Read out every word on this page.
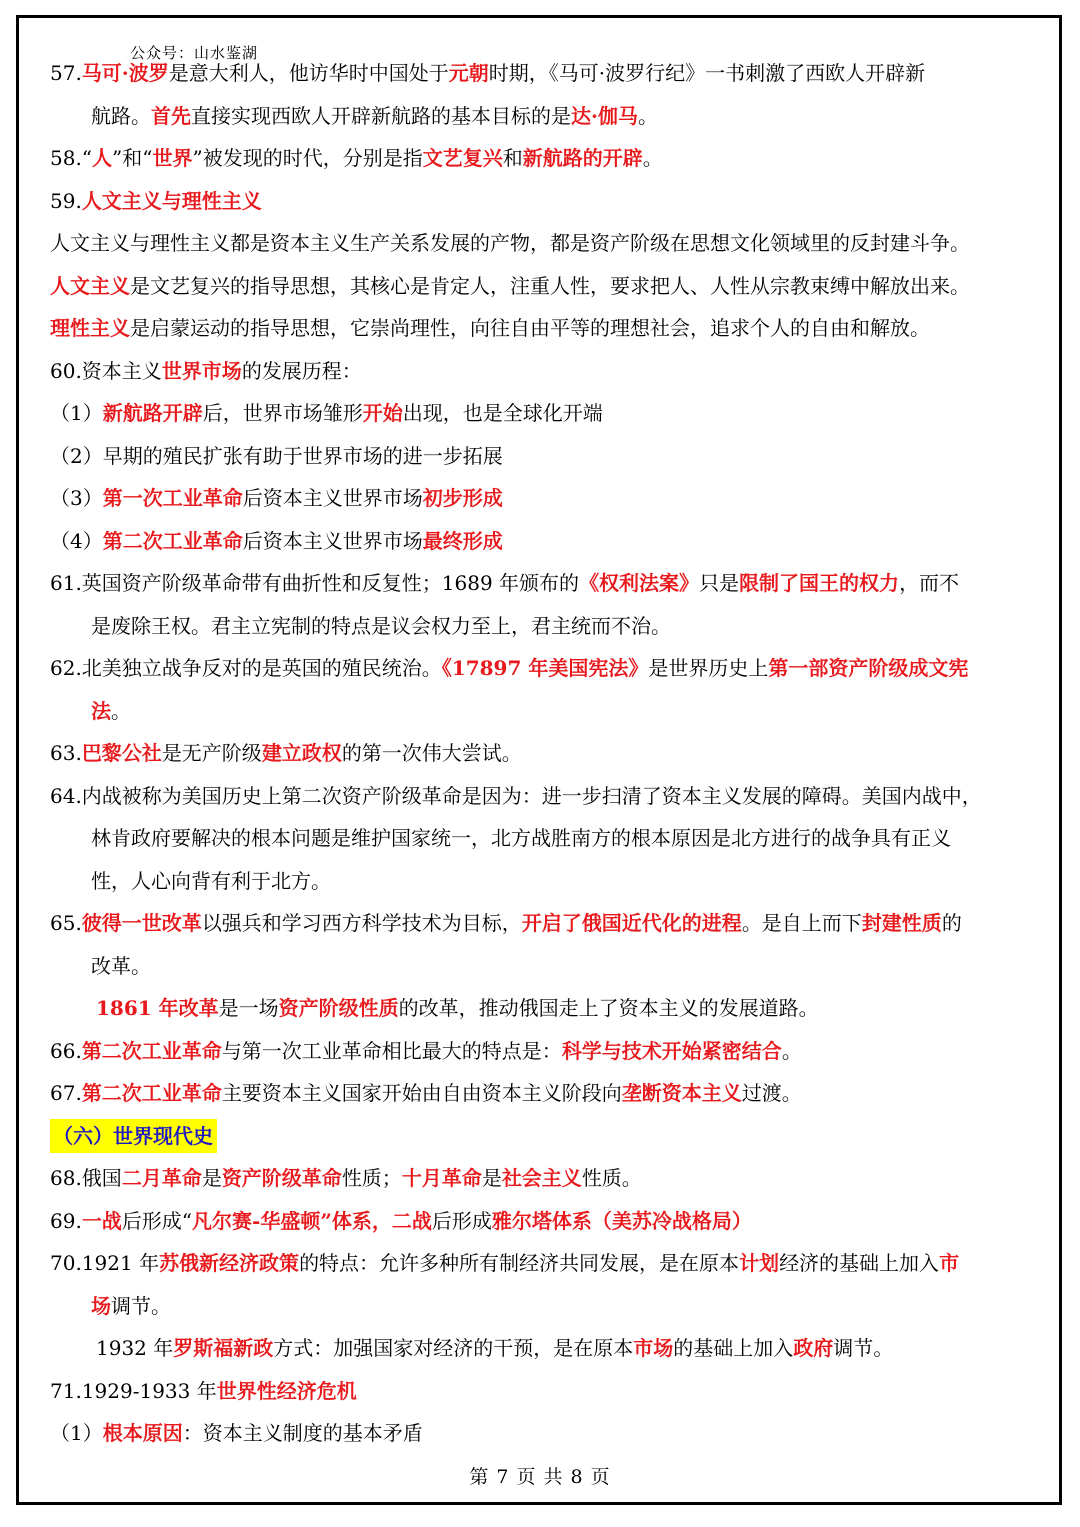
公众号：山水鉴湖
57.马可·波罗是意大利人，他访华时中国处于元朝时期，《马可·波罗行纪》一书刺激了西欧人开辟新
航路。首先直接实现西欧人开辟新航路的基本目标的是达·伽马。
58.“人”和“世界”被发现的时代，分别是指文艺复兴和新航路的开辟。
59.人文主义与理性主义
人文主义与理性主义都是资本主义生产关系发展的产物，都是资产阶级在思想文化领域里的反封建斗争。
人文主义是文艺复兴的指导思想，其核心是肯定人，注重人性，要求把人、人性从宗教束缚中解放出来。
理性主义是启蒙运动的指导思想，它崇尚理性，向往自由平等的理想社会，追求个人的自由和解放。
60.资本主义世界市场的发展历程：
（1）新航路开辟后，世界市场雏形开始出现，也是全球化开端
（2）早期的殖民扩张有助于世界市场的进一步拓展
（3）第一次工业革命后资本主义世界市场初步形成
（4）第二次工业革命后资本主义世界市场最终形成
61.英国资产阶级革命带有曲折性和反复性；1689 年颁布的《权利法案》只是限制了国王的权力，而不
是废除王权。君主立宪制的特点是议会权力至上，君主统而不治。
62.北美独立战争反对的是英国的殖民统治。《17897 年美国宪法》是世界历史上第一部资产阶级成文宪
法。
63.巴黎公社是无产阶级建立政权的第一次伟大尝试。
64.内战被称为美国历史上第二次资产阶级革命是因为：进一步扫清了资本主义发展的障碍。美国内战中，
林肯政府要解决的根本问题是维护国家统一，北方战胜南方的根本原因是北方进行的战争具有正义
性，人心向背有利于北方。
65.彼得一世改革以强兵和学习西方科学技术为目标，开启了俄国近代化的进程。是自上而下封建性质的
改革。
1861 年改革是一场资产阶级性质的改革，推动俄国走上了资本主义的发展道路。
66.第二次工业革命与第一次工业革命相比最大的特点是：科学与技术开始紧密结合。
67.第二次工业革命主要资本主义国家开始由自由资本主义阶段向垄断资本主义过渡。
（六）世界现代史
68.俄国二月革命是资产阶级革命性质；十月革命是社会主义性质。
69.一战后形成“凡尔赛-华盛顿”体系，二战后形成雅尔塔体系（美苏冷战格局）
70.1921 年苏俄新经济政策的特点：允许多种所有制经济共同发展，是在原本计划经济的基础上加入市
场调节。
1932 年罗斯福新政方式：加强国家对经济的干预，是在原本市场的基础上加入政府调节。
71.1929-1933 年世界性经济危机
（1）根本原因：资本主义制度的基本矛盾
第 7 页 共 8 页
